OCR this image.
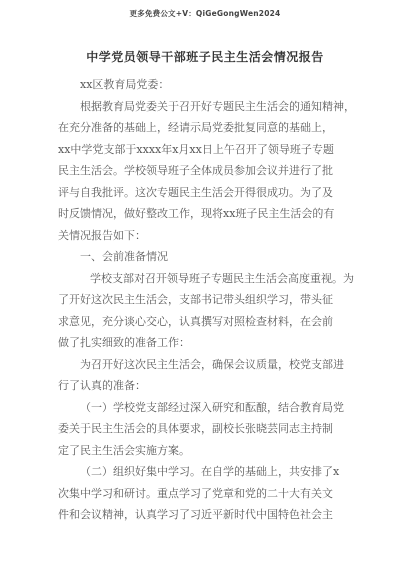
更多免费公文+V：QiGeGongWen2024
中学党员领导干部班子民主生活会情况报告
xx区教育局党委：
根据教育局党委关于召开好专题民主生活会的通知精神，
在充分准备的基础上，经请示局党委批复同意的基础上，
xx中学党支部于xxxx年x月xx日上午召开了领导班子专题
民主生活会。学校领导班子全体成员参加会议并进行了批
评与自我批评。这次专题民主生活会开得很成功。为了及
时反馈情况，做好整改工作，现将xx班子民主生活会的有
关情况报告如下：
一、会前准备情况
学校支部对召开领导班子专题民主生活会高度重视。为
了开好这次民主生活会，支部书记带头组织学习，带头征
求意见，充分谈心交心，认真撰写对照检查材料，在会前
做了扎实细致的准备工作：
为召开好这次民主生活会，确保会议质量，校党支部进
行了认真的准备：
（一）学校党支部经过深入研究和酝酿，结合教育局党
委关于民主生活会的具体要求，副校长张晓芸同志主持制
定了民主生活会实施方案。
（二）组织好集中学习。在自学的基础上，共安排了x
次集中学习和研讨。重点学习了党章和党的二十大有关文
件和会议精神，认真学习了习近平新时代中国特色社会主
